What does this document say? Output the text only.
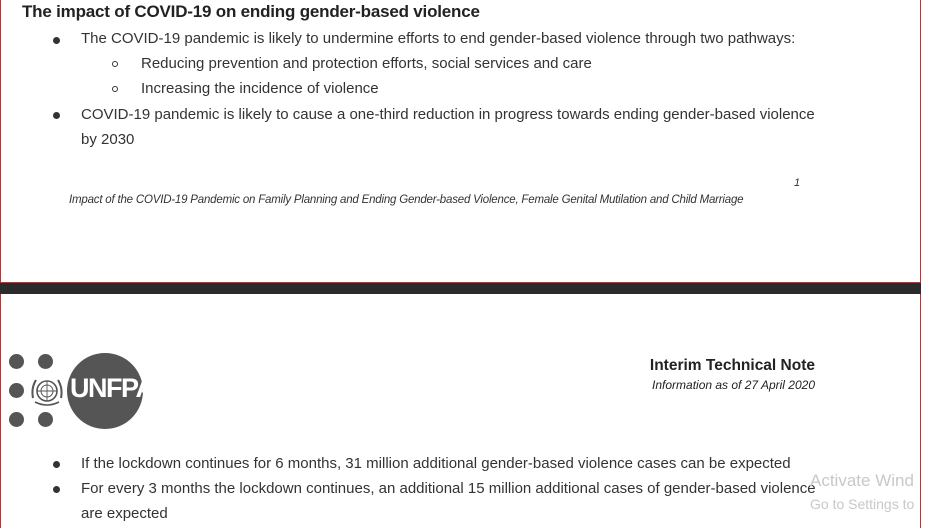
The impact of COVID-19 on ending gender-based violence
The COVID-19 pandemic is likely to undermine efforts to end gender-based violence through two pathways:
Reducing prevention and protection efforts, social services and care
Increasing the incidence of violence
COVID-19 pandemic is likely to cause a one-third reduction in progress towards ending gender-based violence
by 2030
1
Impact of the COVID-19 Pandemic on Family Planning and Ending Gender-based Violence, Female Genital Mutilation and Child Marriage
UNFPA
Interim Technical Note
Information as of 27 April 2020
If the lockdown continues for 6 months, 31 million additional gender-based violence cases can be expected
For every 3 months the lockdown continues, an additional 15 million additional cases of gender-based violence
are expected
Activate Wind
Go to Settings to
